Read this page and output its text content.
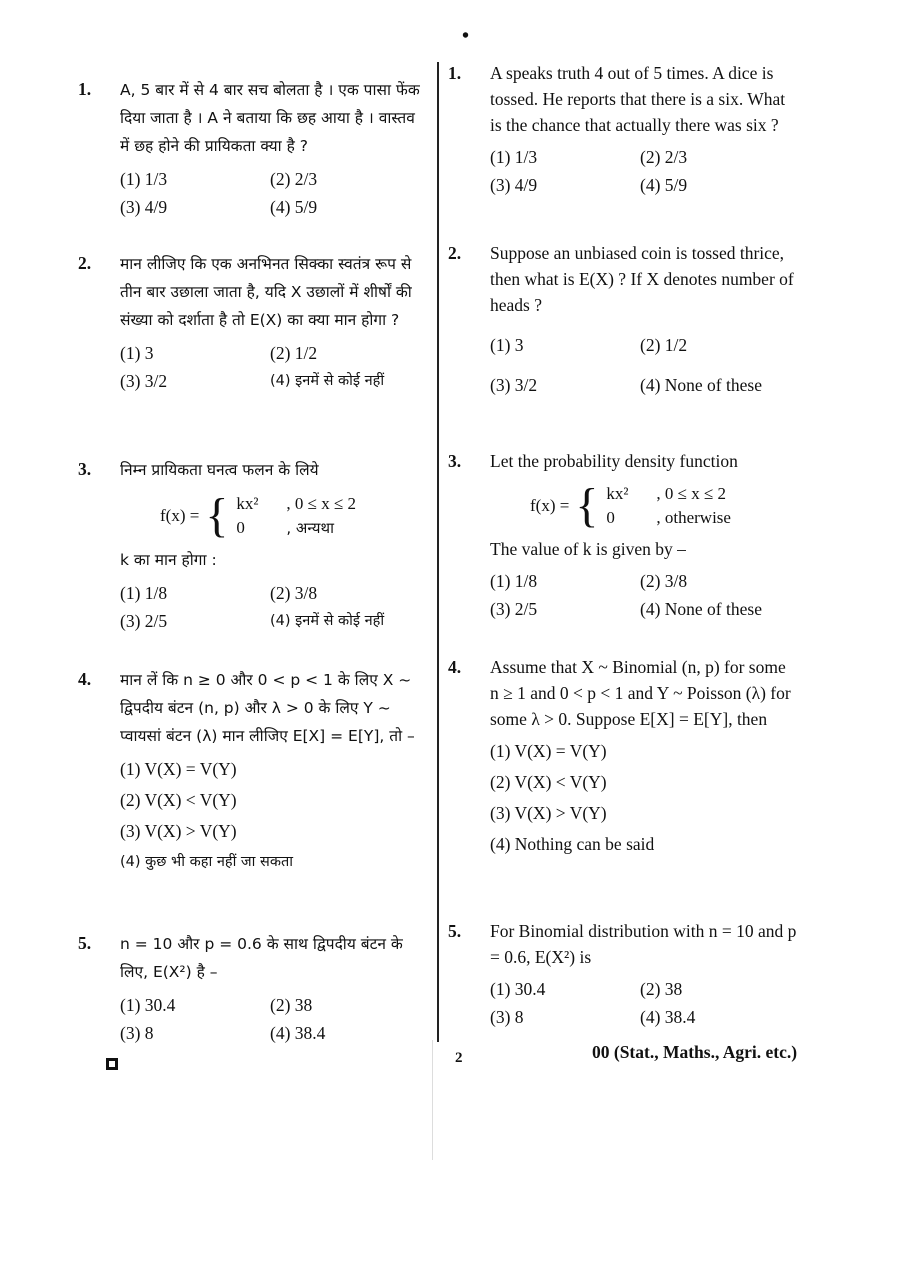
•
1. A, 5 बार में से 4 बार सच बोलता है । एक पासा फेंक दिया जाता है । A ने बताया कि छह आया है । वास्तव में छह होने की प्रायिकता क्या है ?
(1) 1/3	(2) 2/3
(3) 4/9	(4) 5/9
2. मान लीजिए कि एक अनभिनत सिक्का स्वतंत्र रूप से तीन बार उछाला जाता है, यदि X उछालों में शीर्षों की संख्या को दर्शाता है तो E(X) का क्या मान होगा ?
(1) 3	(2) 1/2
(3) 3/2	(4) इनमें से कोई नहीं
3. निम्न प्रायिकता घनत्व फलन के लिये
f(x) = { kx²	, 0 ≤ x ≤ 2
0	, अन्यथा
k का मान होगा :
(1) 1/8	(2) 3/8
(3) 2/5	(4) इनमें से कोई नहीं
4. मान लें कि n ≥ 0 और 0 < p < 1 के लिए X ~ द्विपदीय बंटन (n, p) और λ > 0 के लिए Y ~ प्वायसां बंटन (λ) मान लीजिए E[X] = E[Y], तो –
(1) V(X) = V(Y)
(2) V(X) < V(Y)
(3) V(X) > V(Y)
(4) कुछ भी कहा नहीं जा सकता
5. n = 10 और p = 0.6 के साथ द्विपदीय बंटन के लिए, E(X²) है –
(1) 30.4	(2) 38
(3) 8	(4) 38.4
1. A speaks truth 4 out of 5 times. A dice is tossed. He reports that there is a six. What is the chance that actually there was six ?
(1) 1/3	(2) 2/3
(3) 4/9	(4) 5/9
2. Suppose an unbiased coin is tossed thrice, then what is E(X) ? If X denotes number of heads ?
(1) 3	(2) 1/2
(3) 3/2	(4) None of these
3. Let the probability density function
f(x) = { kx²	, 0 ≤ x ≤ 2
0	, otherwise
The value of k is given by –
(1) 1/8	(2) 3/8
(3) 2/5	(4) None of these
4. Assume that X ~ Binomial (n, p) for some n ≥ 1 and 0 < p < 1 and Y ~ Poisson (λ) for some λ > 0. Suppose E[X] = E[Y], then
(1) V(X) = V(Y)
(2) V(X) < V(Y)
(3) V(X) > V(Y)
(4) Nothing can be said
5. For Binomial distribution with n = 10 and p = 0.6, E(X²) is
(1) 30.4	(2) 38
(3) 8	(4) 38.4
2	00 (Stat., Maths., Agri. etc.)
